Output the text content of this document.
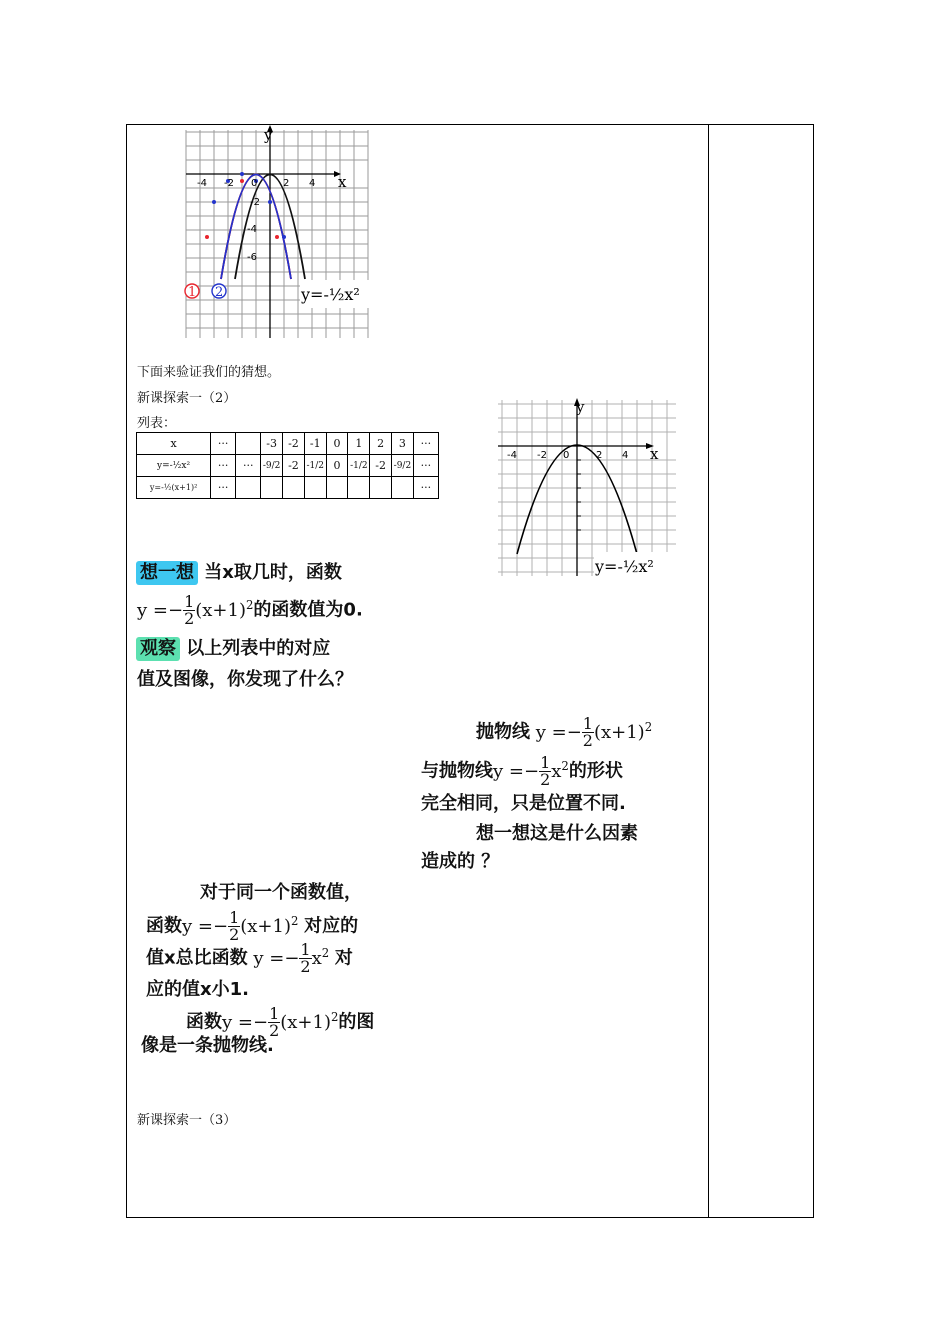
-4 -2 0	2 4
-2
-4
-6
x
y
1 2	y=-½x²
下面来验证我们的猜想。
新课探索一（2）
列表：
x	···		-3	-2	-1	0	1	2	3	···
y=-½x²	···	···	-9/2	-2	-1/2	0	-1/2	-2	-9/2	···
y=-½(x+1)²	···									···
-4 -2 0	2 4 x
y
y=-½x²
想一想 当x取几时，函数
$y =- \frac{1}{2} (x+1)^2$的函数值为0.
观察 以上列表中的对应
值及图像，你发现了什么？
抛物线 $y =- \frac{1}{2} (x+1)^2$
与抛物线$y =- \frac{1}{2} x^2$的形状
完全相同，只是位置不同.
想一想这是什么因素
造成的 ？
对于同一个函数值，
函数$y =- \frac{1}{2} (x+1)^2$ 对应的
值x总比函数 $y =- \frac{1}{2} x^2$ 对
应的值x小1.
函数$y =- \frac{1}{2} (x+1)^2$的图
像是一条抛物线.
新课探索一（3）
